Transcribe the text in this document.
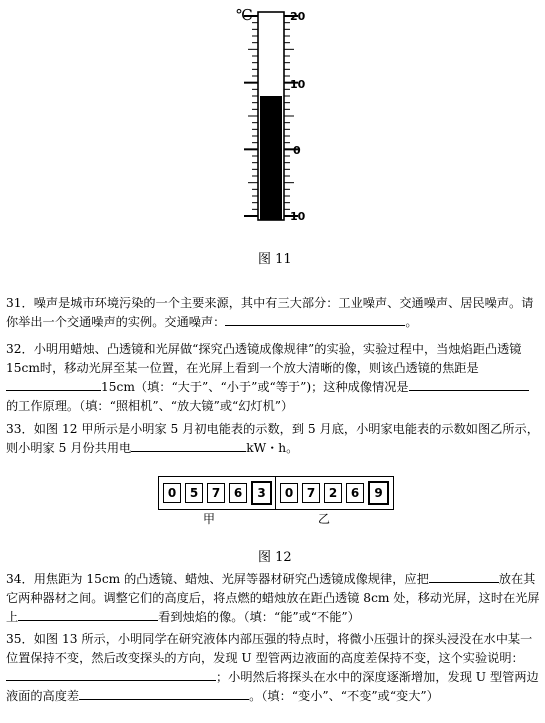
℃	20
10
0
10
图 11
31．噪声是城市环境污染的一个主要来源，其中有三大部分：工业噪声、交通噪声、居民噪声。请你举出一个交通噪声的实例。交通噪声：	。
32．小明用蜡烛、凸透镜和光屏做“探究凸透镜成像规律”的实验，实验过程中，当烛焰距凸透镜 15cm时，移动光屏至某一位置，在光屏上看到一个放大清晰的像，则该凸透镜的焦距是15cm（填：“大于”、“小于”或“等于”)；这种成像情况是的工作原理。（填：“照相机”、“放大镜”或“幻灯机”）
33．如图 12 甲所示是小明家 5 月初电能表的示数，到 5 月底，小明家电能表的示数如图乙所示，则小明家 5 月份共用电	kW・h。
0	5	7	6	3	0	7	2	6	9
甲	乙
图 12
34．用焦距为 15cm 的凸透镜、蜡烛、光屏等器材研究凸透镜成像规律，应把	放在其它两种器材之间。调整它们的高度后，将点燃的蜡烛放在距凸透镜 8cm 处，移动光屏，这时在光屏上	看到烛焰的像。（填：“能”或“不能”）
35．如图 13 所示，小明同学在研究液体内部压强的特点时，将微小压强计的探头浸没在水中某一位置保持不变，然后改变探头的方向，发现 U 型管两边液面的高度差保持不变，这个实验说明：；小明然后将探头在水中的深度逐渐增加，发现 U 型管两边液面的高度差	。（填：“变小”、“不变”或“变大”）
